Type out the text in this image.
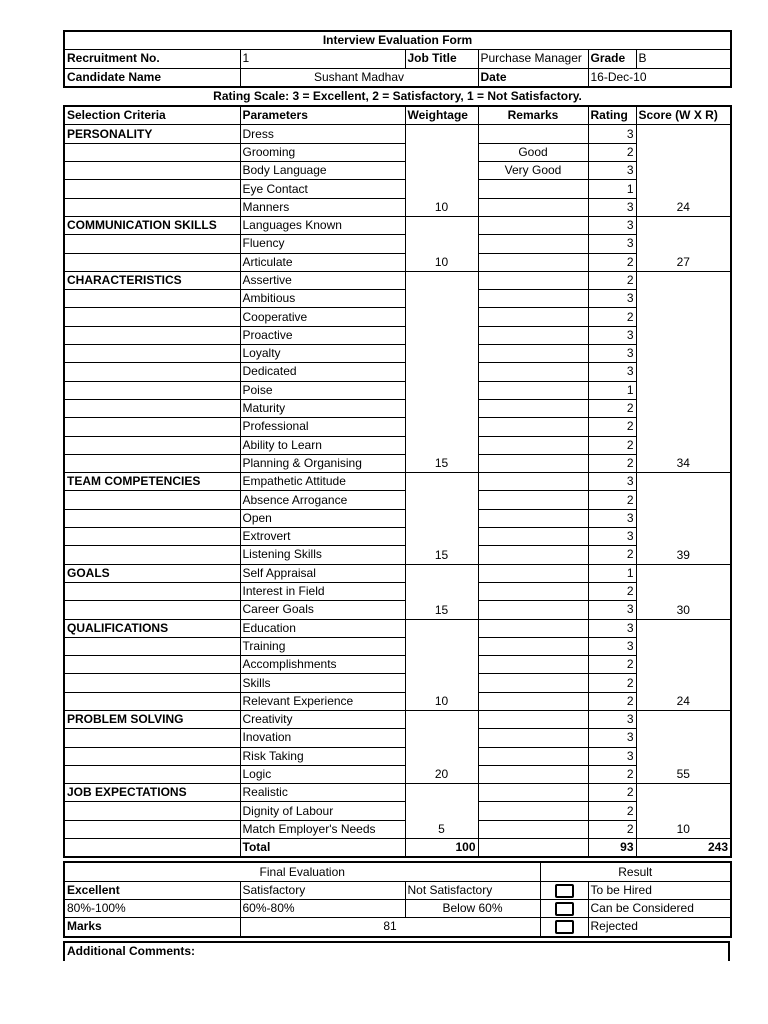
Interview Evaluation Form					
Recruitment No.	1	Job Title	Purchase Manager	Grade	B
Candidate Name	Sushant Madhav		Date	16-Dec-10	
Rating Scale: 3 = Excellent, 2 = Satisfactory, 1 = Not Satisfactory.					
Selection Criteria	Parameters	Weightage	Remarks	Rating	Score (W X R)
PERSONALITY	Dress	10		3	24
	Grooming		Good	2	
	Body Language		Very Good	3	
	Eye Contact			1	
	Manners			3	
COMMUNICATION SKILLS	Languages Known	10		3	27
	Fluency			3	
	Articulate			2	
CHARACTERISTICS	Assertive	15		2	34
	Ambitious			3	
	Cooperative			2	
	Proactive			3	
	Loyalty			3	
	Dedicated			3	
	Poise			1	
	Maturity			2	
	Professional			2	
	Ability to Learn			2	
	Planning & Organising			2	
TEAM COMPETENCIES	Empathetic Attitude	15		3	39
	Absence Arrogance			2	
	Open			3	
	Extrovert			3	
	Listening Skills			2	
GOALS	Self Appraisal	15		1	30
	Interest in Field			2	
	Career Goals			3	
QUALIFICATIONS	Education	10		3	24
	Training			3	
	Accomplishments			2	
	Skills			2	
	Relevant Experience			2	
PROBLEM SOLVING	Creativity	20		3	55
	Inovation			3	
	Risk Taking			3	
	Logic			2	
JOB EXPECTATIONS	Realistic	5		2	10
	Dignity of Labour			2	
	Match Employer's Needs			2	
	Total	100		93	243
Final Evaluation			Result	
Excellent	Satisfactory	Not Satisfactory		To be Hired
80%-100%	60%-80%	Below 60%		Can be Considered
Marks	81			Rejected
Additional Comments:
